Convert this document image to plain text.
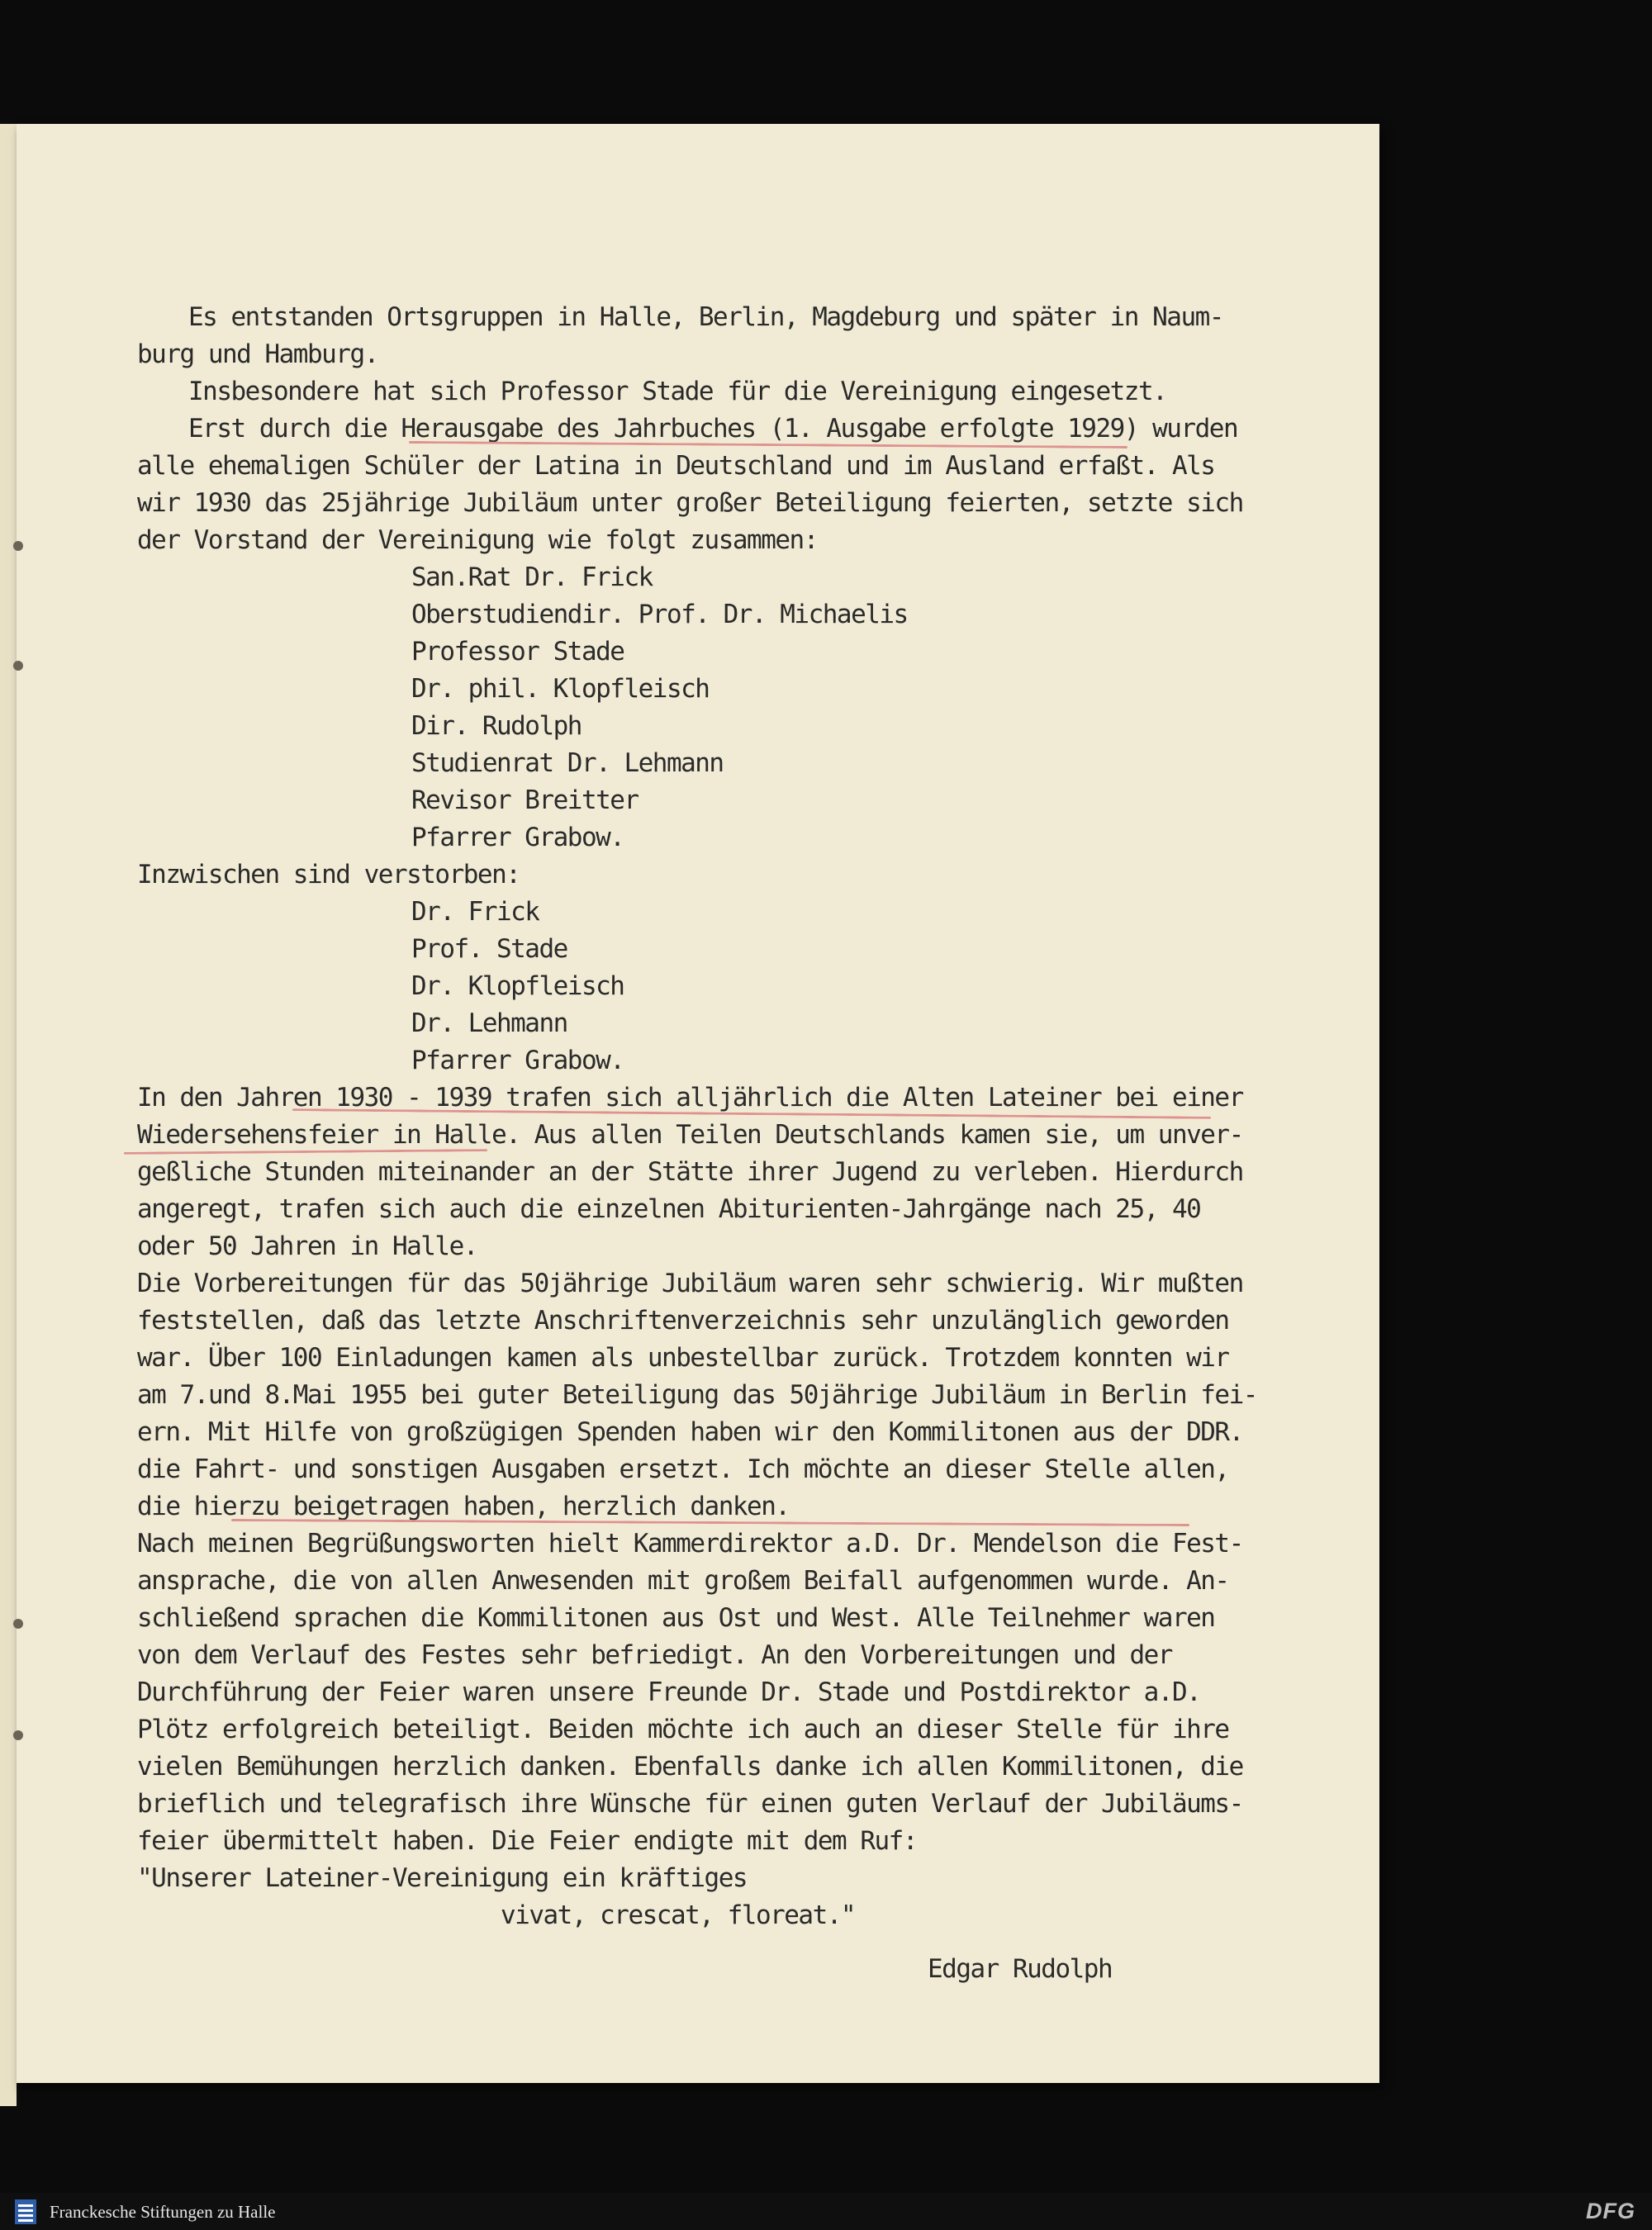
Es entstanden Ortsgruppen in Halle, Berlin, Magdeburg und später in Naum-
burg und Hamburg.
Insbesondere hat sich Professor Stade für die Vereinigung eingesetzt.
Erst durch die Herausgabe des Jahrbuches (1. Ausgabe erfolgte 1929) wurden
alle ehemaligen Schüler der Latina in Deutschland und im Ausland erfaßt. Als
wir 1930 das 25jährige Jubiläum unter großer Beteiligung feierten, setzte sich
der Vorstand der Vereinigung wie folgt zusammen:
San.Rat Dr. Frick
Oberstudiendir. Prof. Dr. Michaelis
Professor Stade
Dr. phil. Klopfleisch
Dir. Rudolph
Studienrat Dr. Lehmann
Revisor Breitter
Pfarrer Grabow.
Inzwischen sind verstorben:
Dr. Frick
Prof. Stade
Dr. Klopfleisch
Dr. Lehmann
Pfarrer Grabow.
In den Jahren 1930 - 1939 trafen sich alljährlich die Alten Lateiner bei einer
Wiedersehensfeier in Halle. Aus allen Teilen Deutschlands kamen sie, um unver-
geßliche Stunden miteinander an der Stätte ihrer Jugend zu verleben. Hierdurch
angeregt, trafen sich auch die einzelnen Abiturienten-Jahrgänge nach 25, 40
oder 50 Jahren in Halle.
Die Vorbereitungen für das 50jährige Jubiläum waren sehr schwierig. Wir mußten
feststellen, daß das letzte Anschriftenverzeichnis sehr unzulänglich geworden
war. Über 100 Einladungen kamen als unbestellbar zurück. Trotzdem konnten wir
am 7.und 8.Mai 1955 bei guter Beteiligung das 50jährige Jubiläum in Berlin fei-
ern. Mit Hilfe von großzügigen Spenden haben wir den Kommilitonen aus der DDR.
die Fahrt- und sonstigen Ausgaben ersetzt. Ich möchte an dieser Stelle allen,
die hierzu beigetragen haben, herzlich danken.
Nach meinen Begrüßungsworten hielt Kammerdirektor a.D. Dr. Mendelson die Fest-
ansprache, die von allen Anwesenden mit großem Beifall aufgenommen wurde. An-
schließend sprachen die Kommilitonen aus Ost und West. Alle Teilnehmer waren
von dem Verlauf des Festes sehr befriedigt. An den Vorbereitungen und der
Durchführung der Feier waren unsere Freunde Dr. Stade und Postdirektor a.D.
Plötz erfolgreich beteiligt. Beiden möchte ich auch an dieser Stelle für ihre
vielen Bemühungen herzlich danken. Ebenfalls danke ich allen Kommilitonen, die
brieflich und telegrafisch ihre Wünsche für einen guten Verlauf der Jubiläums-
feier übermittelt haben. Die Feier endigte mit dem Ruf:
"Unserer Lateiner-Vereinigung ein kräftiges
vivat, crescat, floreat."
Edgar Rudolph
Franckesche Stiftungen zu Halle	DFG
